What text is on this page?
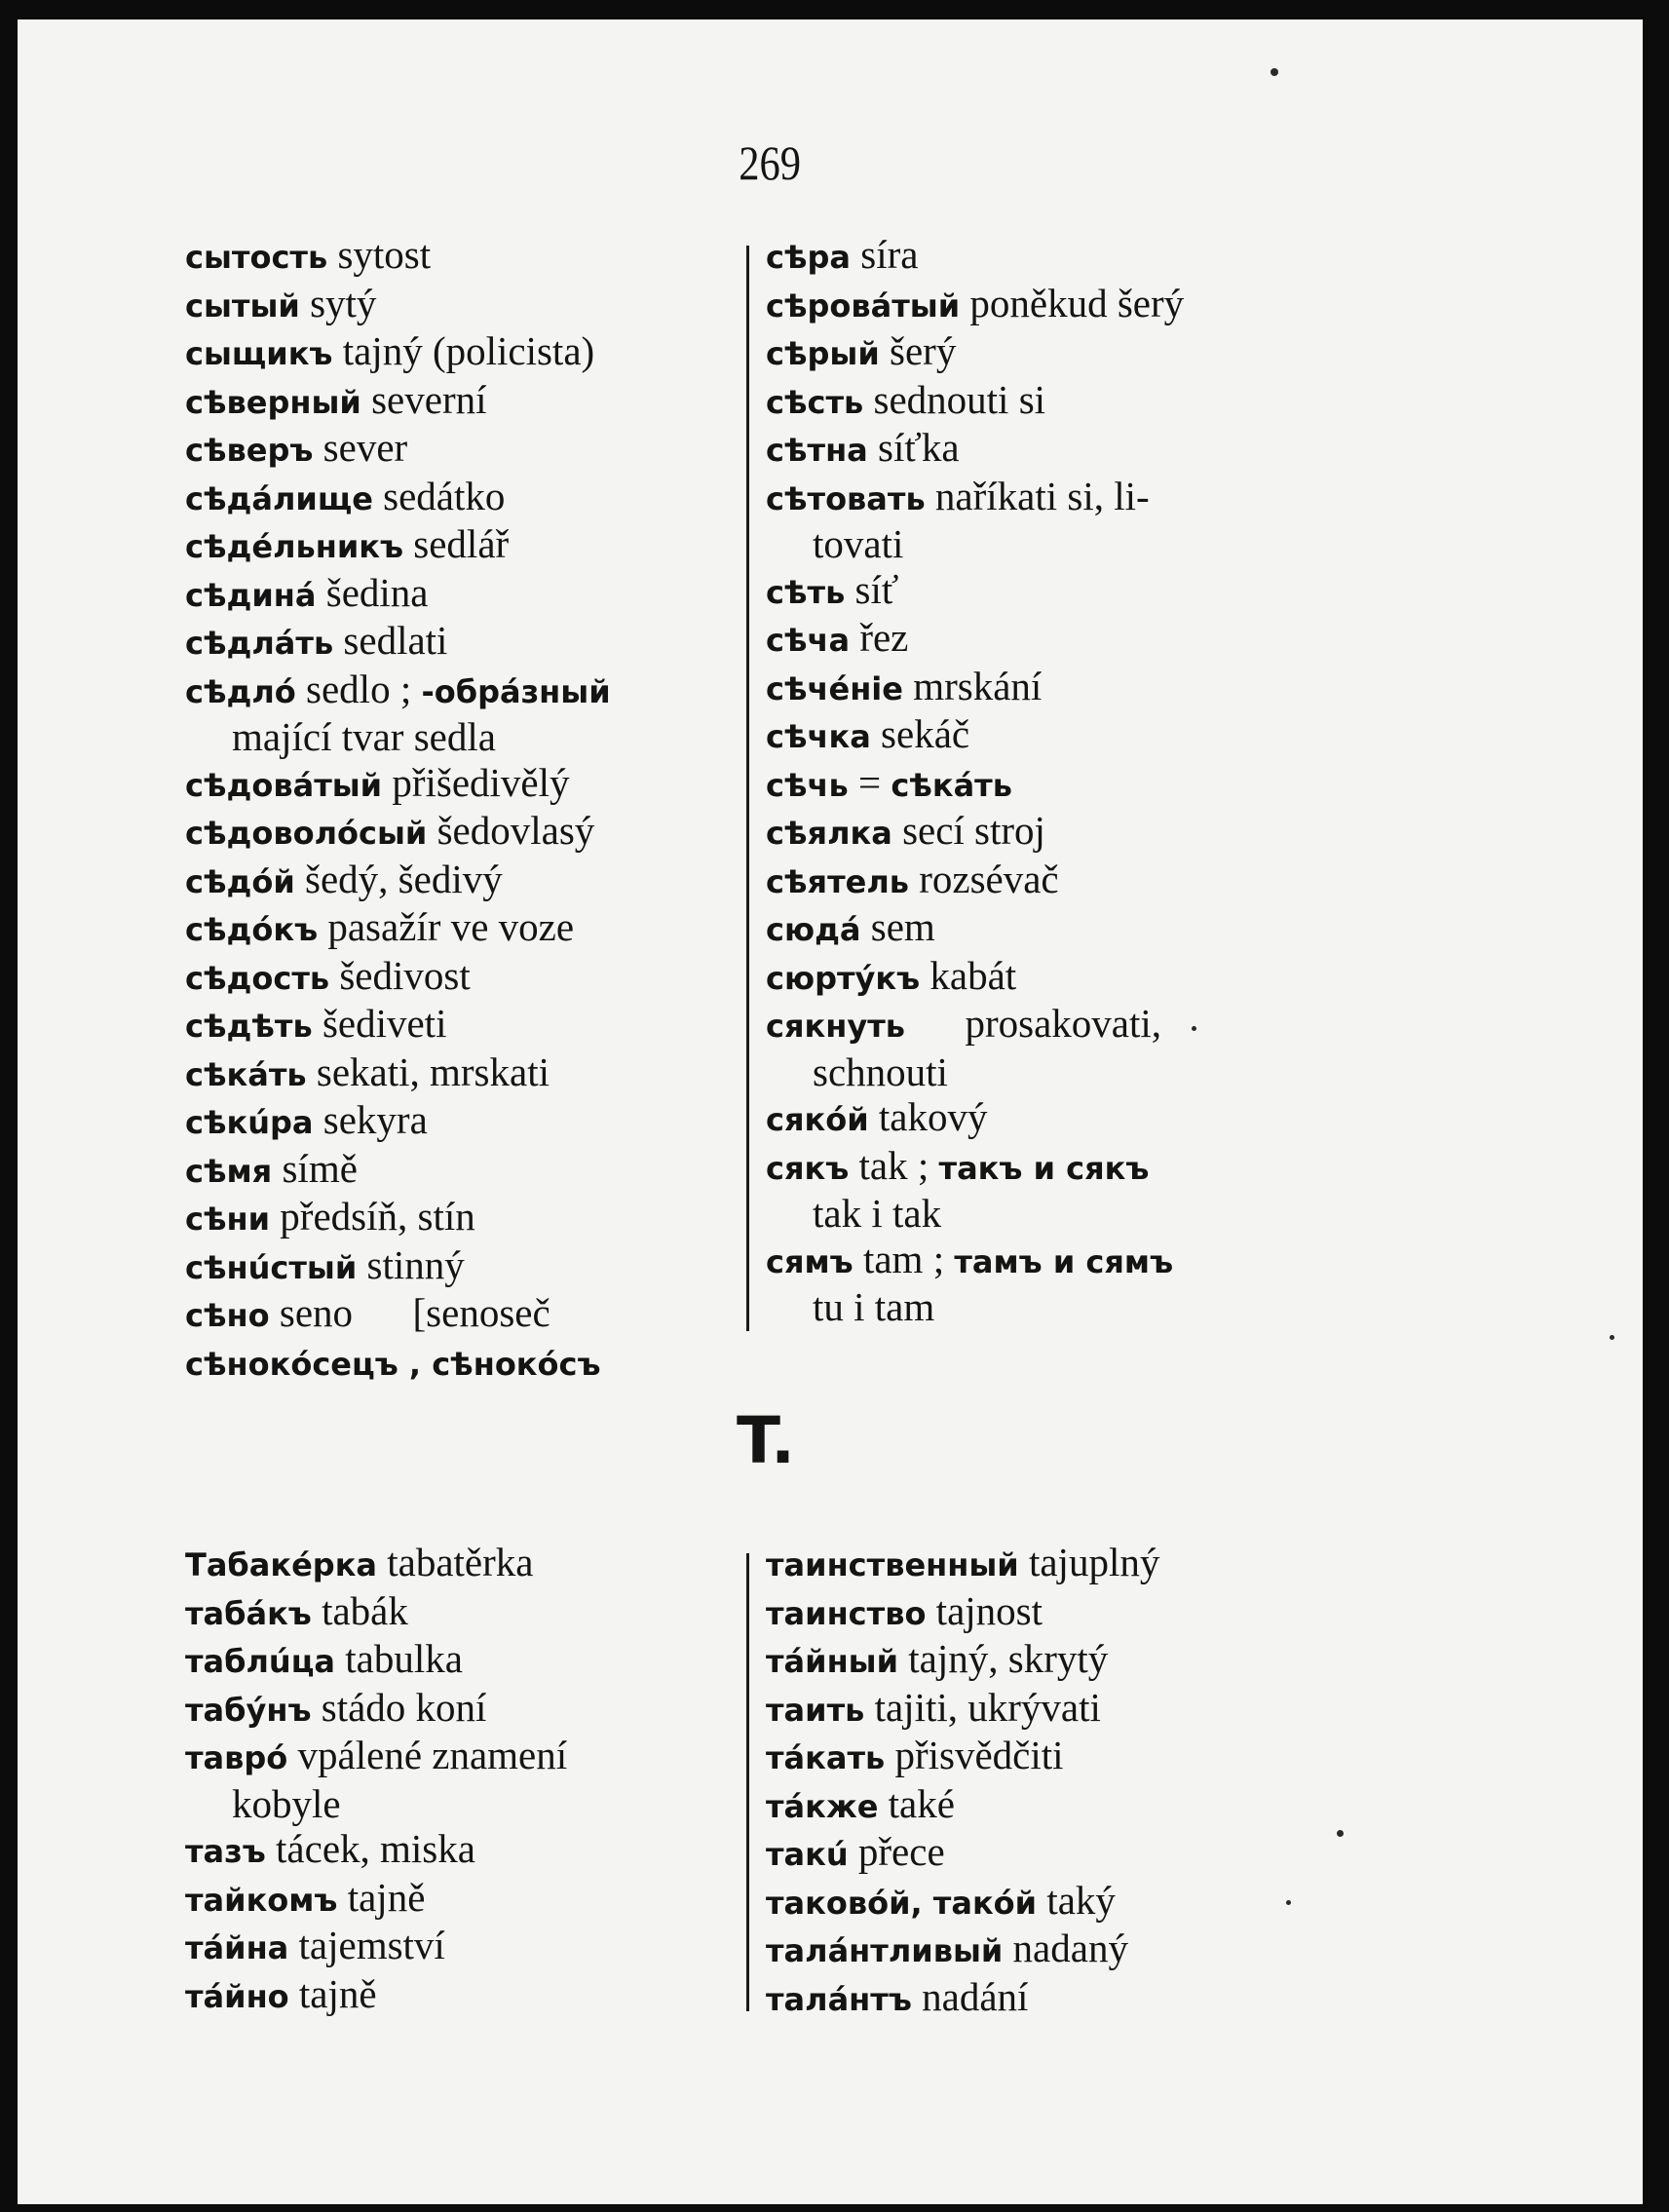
269
сытость sytost
сытый sytý
сыщикъ tajný (policista)
сѣверный severní
сѣверъ sever
сѣдáлище sedátko
сѣдéльникъ sedlář
сѣдинá šedina
сѣдлáть sedlati
сѣдлó sedlo ; -обрáзный
mající tvar sedla
сѣдовáтый přišedivělý
сѣдоволóсый šedovlasý
сѣдóй šedý, šedivý
сѣдóкъ pasažír ve voze
сѣдость šedivost
сѣдѣть šediveti
сѣкáть sekati, mrskati
сѣкúра sekyra
сѣмя símě
сѣни předsíň, stín
сѣнúстый stinný
сѣно seno      [senoseč
сѣнокóсецъ , сѣнокóсъ
сѣра síra
сѣровáтый poněkud šerý
сѣрый šerý
сѣсть sednouti si
сѣтна síťka
сѣтовать naříkati si, li-
tovati
сѣть síť
сѣча řez
сѣчéніе mrskání
сѣчка sekáč
сѣчь = сѣкáть
сѣялка secí stroj
сѣятель rozsévač
сюдá sem
сюртýкъ kabát
сякнуть      prosakovati,
schnouti
сякóй takový
сякъ tak ; такъ и сякъ
tak i tak
сямъ tam ; тамъ и сямъ
tu i tam
T.
Табакéрка tabatěrka
табáкъ tabák
таблúца tabulka
табýнъ stádo koní
таврó vpálené znamení
kobyle
тазъ tácek, miska
тайкомъ tajně
тáйна tajemství
тáйно tajně
таинственный tajuplný
таинство tajnost
тáйный tajný, skrytý
таить tajiti, ukrývati
тáкать přisvědčiti
тáкже také
такú přece
таковóй, такóй taký
талáнтливый nadaný
талáнтъ nadání
